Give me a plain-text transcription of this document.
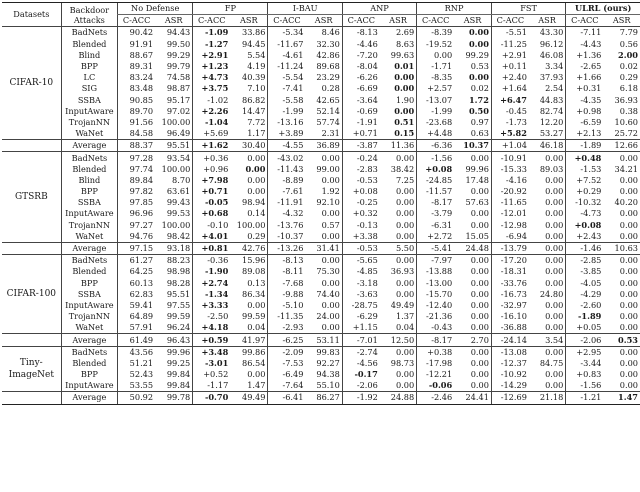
Datasets	Backdoor Attacks	No Defense		FP		I-BAU		ANP		RNP		FST		ULRL (ours)	
		C-ACC	ASR	C-ACC	ASR	C-ACC	ASR	C-ACC	ASR	C-ACC	ASR	C-ACC	ASR	C-ACC	ASR
CIFAR-10	BadNets	90.42	94.43	-1.09	33.86	-5.34	8.46	-8.13	2.69	-8.39	0.00	-5.51	43.30	-7.11	7.79
	Blended	91.91	99.50	-1.27	94.45	-11.67	32.30	-4.46	8.63	-19.52	0.00	-11.25	96.12	-4.43	0.56
	Blind	88.67	99.29	+2.91	5.54	-4.61	42.86	-7.20	99.63	0.00	99.29	+2.91	46.08	+1.36	2.00
	BPP	89.31	99.79	+1.23	4.19	-11.24	89.68	-8.04	0.01	-1.71	0.53	+0.11	3.34	-2.65	0.02
	LC	83.24	74.58	+4.73	40.39	-5.54	23.29	-6.26	0.00	-8.35	0.00	+2.40	37.93	+1.66	0.29
	SIG	83.48	98.87	+3.75	7.10	-7.41	0.28	-6.69	0.00	+2.57	0.02	+1.64	2.54	+0.31	6.18
	SSBA	90.85	95.17	-1.02	86.82	-5.58	42.65	-3.64	1.90	-13.07	1.72	+6.47	44.83	-4.35	36.93
	InputAware	89.70	97.02	+2.26	14.47	-1.99	52.14	-0.69	0.00	-1.99	0.50	-0.45	82.74	+0.98	0.38
	TrojanNN	91.56	100.00	-1.04	7.72	-13.16	57.74	-1.91	0.51	-23.68	0.97	-1.73	12.20	-6.59	10.60
	WaNet	84.58	96.49	+5.69	1.17	+3.89	2.31	+0.71	0.15	+4.48	0.63	+5.82	53.27	+2.13	25.72
	Average	88.37	95.51	+1.62	30.40	-4.55	36.89	-3.87	11.36	-6.36	10.37	+1.04	46.18	-1.89	12.66
GTSRB	BadNets	97.28	93.54	+0.36	0.00	-43.02	0.00	-0.24	0.00	-1.56	0.00	-10.91	0.00	+0.48	0.00
	Blended	97.74	100.00	+0.96	0.00	-11.43	99.00	-2.83	38.42	+0.08	99.96	-15.33	89.03	-1.53	34.21
	Blind	89.84	8.70	+7.98	0.00	-8.89	0.00	-0.53	7.25	-24.85	17.48	-4.16	0.00	+7.52	0.00
	BPP	97.82	63.61	+0.71	0.00	-7.61	1.92	+0.08	0.00	-11.57	0.00	-20.92	0.00	+0.29	0.00
	SSBA	97.85	99.43	-0.05	98.94	-11.91	92.10	-0.25	0.00	-8.17	57.63	-11.65	0.00	-10.32	40.20
	InputAware	96.96	99.53	+0.68	0.14	-4.32	0.00	+0.32	0.00	-3.79	0.00	-12.01	0.00	-4.73	0.00
	TrojanNN	97.27	100.00	-0.10	100.00	-13.76	0.57	-0.13	0.00	-6.31	0.00	-12.98	0.00	+0.08	0.00
	WaNet	94.76	98.42	+4.01	0.29	-10.37	0.00	+3.38	0.00	+2.72	15.05	-6.94	0.00	+2.43	0.00
	Average	97.15	93.18	+0.81	42.76	-13.26	31.41	-0.53	5.50	-5.41	24.48	-13.79	0.00	-1.46	10.63
CIFAR-100	BadNets	61.27	88.23	-0.36	15.96	-8.13	0.00	-5.65	0.00	-7.97	0.00	-17.20	0.00	-2.85	0.00
	Blended	64.25	98.98	-1.90	89.08	-8.11	75.30	-4.85	36.93	-13.88	0.00	-18.31	0.00	-3.85	0.00
	BPP	60.13	98.28	+2.74	0.13	-7.68	0.00	-3.18	0.00	-13.00	0.00	-33.76	0.00	-4.05	0.00
	SSBA	62.83	95.51	-1.34	86.34	-9.88	74.40	-3.63	0.00	-15.70	0.00	-16.73	24.80	-4.29	0.00
	InputAware	59.41	97.55	+3.33	0.00	-5.10	0.00	-28.75	49.49	-12.40	0.00	-32.97	0.00	-2.60	0.00
	TrojanNN	64.89	99.59	-2.50	99.59	-11.35	24.00	-6.29	1.37	-21.36	0.00	-16.10	0.00	-1.89	0.00
	WaNet	57.91	96.24	+4.18	0.04	-2.93	0.00	+1.15	0.04	-0.43	0.00	-36.88	0.00	+0.05	0.00
	Average	61.49	96.43	+0.59	41.97	-6.25	53.11	-7.01	12.50	-8.17	2.70	-24.14	3.54	-2.06	0.53
Tiny-ImageNet	BadNets	43.56	99.96	+3.48	99.86	-2.09	99.83	-2.74	0.00	+0.38	0.00	-13.08	0.00	+2.95	0.00
	Blended	51.21	99.25	-3.01	86.54	-7.53	92.27	-4.56	98.73	-17.98	0.00	-12.37	84.75	-3.44	0.00
	BPP	52.43	99.84	+0.52	0.00	-6.49	94.38	-0.17	0.00	-12.21	0.00	-10.92	0.00	+0.83	0.00
	InputAware	53.55	99.84	-1.17	1.47	-7.64	55.10	-2.06	0.00	-0.06	0.00	-14.29	0.00	-1.56	0.00
	Average	50.92	99.78	-0.70	49.49	-6.41	86.27	-1.92	24.88	-2.46	24.41	-12.69	21.18	-1.21	1.47
